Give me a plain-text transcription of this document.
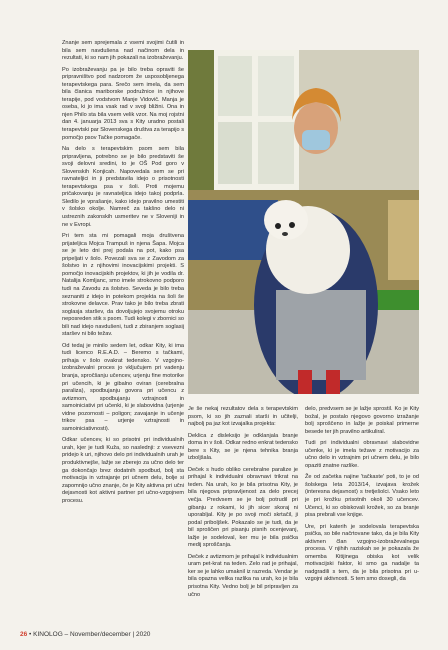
Znanje sem sprejemala z vsemi svojimi čutili in bila sem navdušena nad načinom dela in rezultati, ki so nam jih pokazali na izobraževanju.

Po izobraževanju pa je bilo treba opraviti še pripravništvo pod nadzorom že usposobljenega terapevtskega para. Srečo sem imela, da sem bila članica mariborske podružnice in njihove terapije, pod vodstvom Manje Vidovič. Manja je oseba, ki jo ima vsak rad v svoji bližini. Ona in njen Philo sta bila vsem velik vzor. Na moj rojstni dan 4. januarja 2013 sva s Kity uradno postali terapevtski par Slovenskega društva za terapijo s pomočjo psov Tačke pomagače.

Na delo s terapevtskim psom sem bila pripravljena, potrebno se je bilo predstaviti še svoji delovni sredini, to je OŠ Pod goro v Slovenskih Konjicah. Napovedala sem se pri ravnateljici in ji predstavila idejo o prisotnosti terapevtskega psa v šoli. Proti mojemu pričakovanju je ravnateljica idejo takoj podprla. Sledilo je vprašanje, kako idejo pravilno umestiti v šolsko okolje. Namreč za takšno delo ni ustreznih zakonskih usmeritev ne v Sloveniji in ne v Evropi.

Pri tem sta mi pomagali moja društvena prijateljica Mojca Trampuš in njena Šapa. Mojca se je leto dni prej podala na pot, kako psa pripeljati v šolo. Povezali sva se z Zavodom za šolstvo in z njihovimi inovacijskimi projekti. S pomočjo inovacijskih projektov, ki jih je vodila dr. Natalija Komljanc, smo imele strokovno podporo tudi na Zavodu za šolstvo. Seveda je bilo treba seznaniti z idejo in potekom projekta na šoli še strokovne delavce. Prav tako je bilo treba zbrati soglasja staršev, da dovoljujejo svojemu otroku neposreden stik s psom. Tudi kolegi v zbornici so bili nad idejo navdušeni, tudi z zbiranjem soglasij staršev ni bilo težav.

Od tedaj je minilo sedem let, odkar Kity, ki ima tudi licenco R.E.A.D. – Beremo s tačkami, prihaja v šolo ovakrat tedensko. V vzgojno-izobraževalni proces jo vključujem pri vadenju branja, spročšanju učencev, urjenju fine motorike pri učencih, ki je gibalno oviran (cerebralna paraliza), spodbujanju govora pri učencu z avtizmom, spodbujanju vztrajnosti in samoiniciativi pri učenki, ki je slabovidna (urjenje vidne pozornosti – poligon; zavajanje in učenje trikov psa – urjenje vztrajnosti in samoiniciativnosti).

Odkar učencev, ki so prisotni pri individualnih urah, kjer je tudi Kuža, so naslednji: z vsevezni pridejo k uri, njihovo delo pri individualnih urah je produktivnejše, lažje se zberejo za učno delo ter ga dokončajo brez dodatnih spodbud, bolj sta motivacija in vztrajanje pri učnem delu, bolje si zapomnijo učno znanje, če je Kity aktivna pri učni dejavnosti kot aktivni partner pri učno-vzgojnem procesu.

Je še nekaj rezultatov dela s terapevtskim psom, ki so jih zaznali starši in učitelji, najbolj pa jaz kot izvajalka projekta:

Deklica z disleksijo je odklanjala branje doma in v šoli. Odkar redno enkrat tedensko bere s Kity, se je njena tehnika branja izboljšala.

Deček s hudo obliko cerebralne paralize je prihajal k individualni obravnavi trikrat na teden. Na urah, ko je bila prisotna Kity, je bila njegova pripravljenost za delo precej večja. Predvsem se je bolj potrudil pri gibanju z rokami, ki jih sicer skoraj ni uporabljal. Kity je po svoji moči skrtačil, ji podal priboljšek. Pokazalo se je tudi, da je bil sproščen pri pisanju pisnih ocenjevanj, lažje je sodeloval, ker mu je bila psička medij sproščanja.

Deček z avtizmom je prihajal k individualnim uram pet-krat na teden. Zelo rad je prihajal, ker se je lahko umaknil iz razreda. Vendar je bila opazna velika razlika na urah, ko je bila prisotna Kity. Vedno bolj je bil pripravljen za učno

delo, predvsem se je lažje sprostil. Ko je Kity božal, je postalo njegovo govorno izražanje bolj sproščeno in lažje je poiskal primerne besede ter jih pravilno artikuliral.

Tudi pri individualni obravnavi slabovidne učenke, ki je imela težave z motivacijo za učno delo in vztrajnim pri učnem delu, je bilo opaziti znatne razlike.

Že od začetka najine 'tačkaste' poti, to je od šolskega leta 2013/14, izvajava krožek (interesna dejavnost) s tretješolci. Vsako leto je pri krožku prisotnih okoli 30 učencev. Učenci, ki so obiskovali krožek, so za branje pisa prebrali vse knjige.

Ure, pri katerih je sodelovala terapevtska psička, so bile načrtovane tako, da je bila Kity aktivnen član vzgojno-izobraževalnega procesa. V njihih raziskah se je pokazala že omemba Kitijinega obiska kot velik motivacijski faktor, ki smo ga nadalje ta nadgradili s tem, da je bila prisotna pri u-vzgojni aktivnosti. S tem smo dosegli, da

26 • KINOLOG – November/december | 2020
